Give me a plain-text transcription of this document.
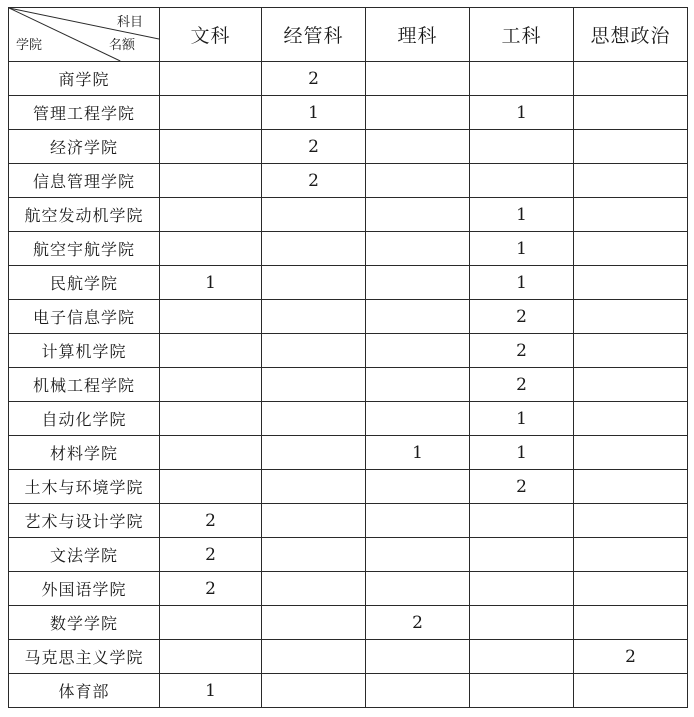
科目
名额
学院	文科	经管科	理科	工科	思想政治
商学院		2			
管理工程学院		1		1	
经济学院		2			
信息管理学院		2			
航空发动机学院				1	
航空宇航学院				1	
民航学院	1			1	
电子信息学院				2	
计算机学院				2	
机械工程学院				2	
自动化学院				1	
材料学院			1	1	
土木与环境学院				2	
艺术与设计学院	2				
文法学院	2				
外国语学院	2				
数学学院			2		
马克思主义学院					2
体育部	1				
